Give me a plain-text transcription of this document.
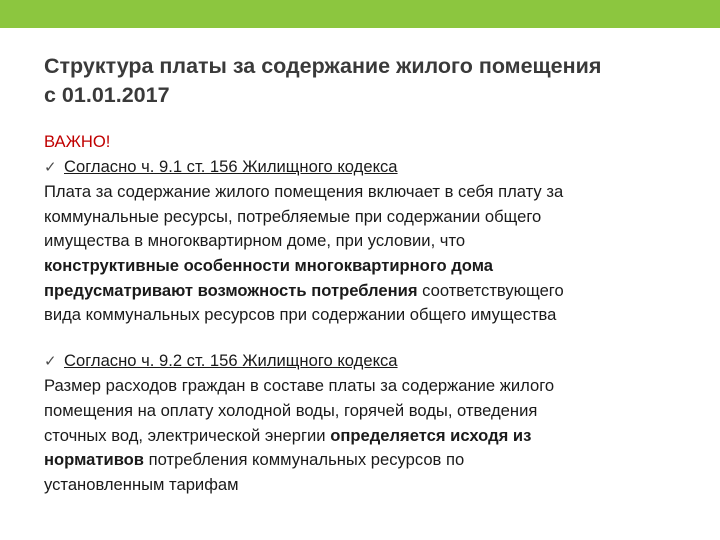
Структура платы за содержание жилого помещения
с 01.01.2017
ВАЖНО!
✓ Согласно ч. 9.1 ст. 156 Жилищного кодекса
Плата за содержание жилого помещения включает в себя плату за
коммунальные ресурсы, потребляемые при содержании общего
имущества в многоквартирном доме, при условии, что
конструктивные особенности многоквартирного дома
предусматривают возможность потребления соответствующего
вида коммунальных ресурсов при содержании общего имущества
✓ Согласно ч. 9.2 ст. 156 Жилищного кодекса
Размер расходов граждан в составе платы за содержание жилого
помещения на оплату холодной воды, горячей воды, отведения
сточных вод, электрической энергии определяется исходя из
нормативов потребления коммунальных ресурсов по
установленным тарифам
